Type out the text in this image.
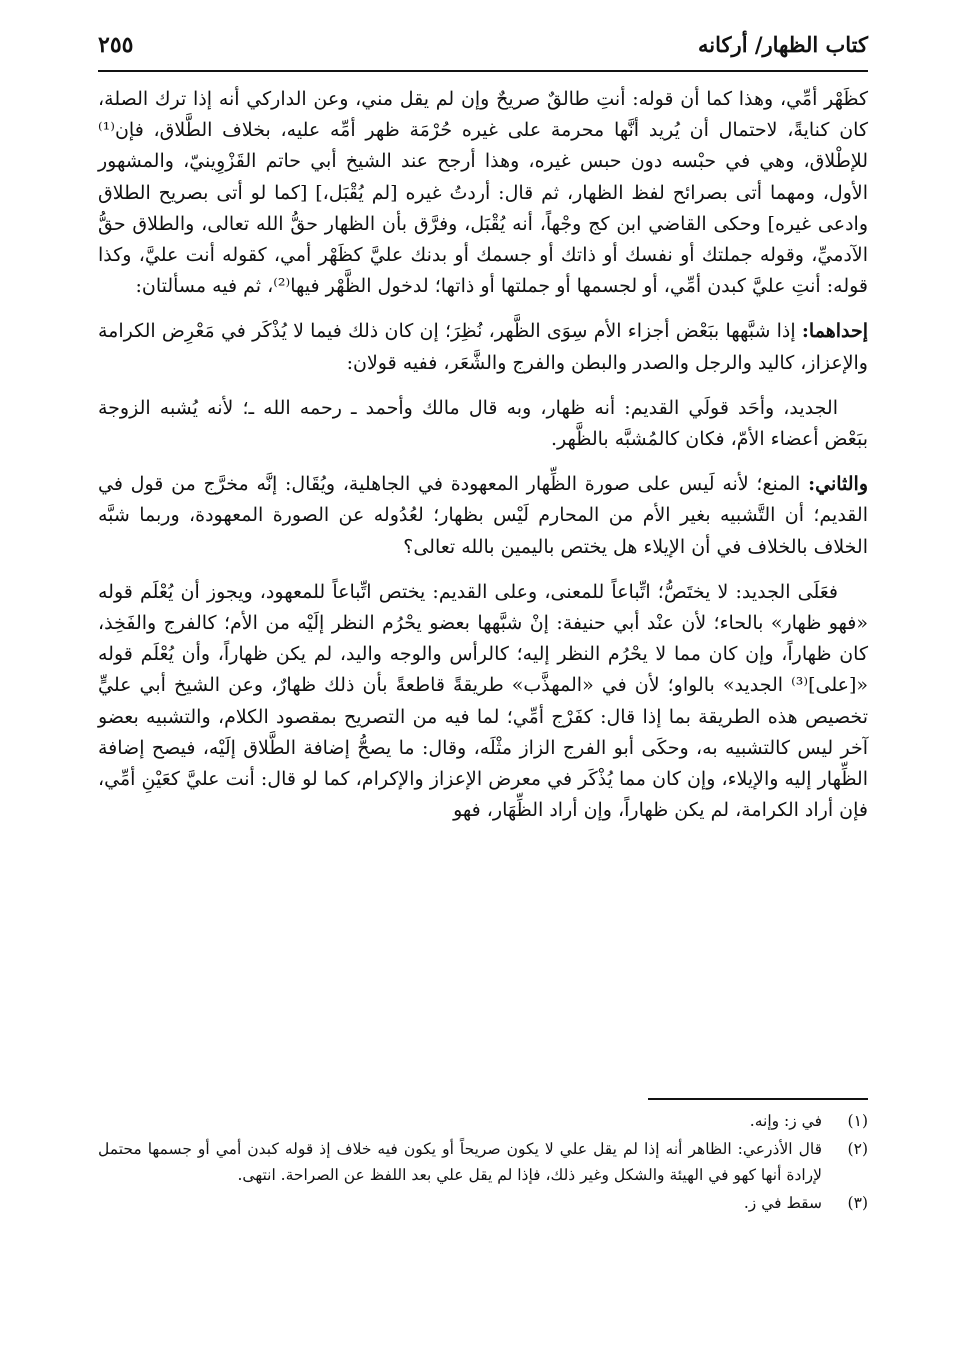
كتاب الظهار/ أركانه
٢٥٥

كظَهْر أمِّي، وهذا كما أن قوله: أنتِ طالقٌ صريحٌ وإن لم يقل مني، وعن الداركي أنه إذا ترك الصلة، كان كنايةً، لاحتمال أن يُريد أنَّها محرمة على غيره حُرْمَة ظهر أمِّه عليه، بخلاف الطَّلاق، فإن⁽¹⁾ للإطْلاق، وهي في حبْسه دون حبس غيره، وهذا أرجح عند الشيخ أبي حاتم القَزْوِينيّ، والمشهور الأول، ومهما أتى بصرائح لفظ الظهار، ثم قال: أردتُ غيره [لم يُقْبَل،] [كما لو أتى بصريح الطلاق وادعى غيره] وحكى القاضي ابن كج وجْهاً، أنه يُقْبَل، وفرَّق بأن الظهار حقُّ الله تعالى، والطلاق حقُّ الآدميِّ، وقوله جملتك أو نفسك أو ذاتك أو جسمك أو بدنك عليَّ كظَهْر أمي، كقوله أنت عليَّ، وكذا قوله: أنتِ عليَّ كبدن أمِّي، أو لجسمها أو جملتها أو ذاتها؛ لدخول الظَّهْر فيها⁽²⁾، ثم فيه مسألتان:

إحداهما: إذا شبَّهها ببَعْض أجزاء الأم سِوَى الظَّهر، نُظِرَ؛ إن كان ذلك فيما لا يُذْكَر في مَعْرِض الكرامة والإعزاز، كاليد والرجل والصدر والبطن والفرج والشَّعَر، ففيه قولان:

الجديد، وأحَد قولَي القديم: أنه ظهار، وبه قال مالك وأحمد ـ رحمه الله ـ؛ لأنه يُشبه الزوجة ببَعْض أعضاء الأمّ، فكان كالمُشبَّه بالظَّهر.

والثاني: المنع؛ لأنه لَيس على صورة الظِّهار المعهودة في الجاهلية، ويُقَال: إنَّه مخرَّج من قول في القديم؛ أن التَّشبيه بغير الأم من المحارم لَيْس بظهار؛ لعُدُوله عن الصورة المعهودة، وربما شبَّه الخلاف بالخلاف في أن الإيلاء هل يختص باليمين بالله تعالى؟

فعَلَى الجديد: لا يختَصُّ؛ اتِّباعاً للمعنى، وعلى القديم: يختص اتِّباعاً للمعهود، ويجوز أن يُعْلَم قوله «فهو ظهار» بالحاء؛ لأن عنْد أبي حنيفة: إنْ شبَّهها بعضو يحْرُم النظر إلَيْه من الأم؛ كالفرج والفَخِذ، كان ظهاراً، وإن كان مما لا يحْرُم النظر إليه؛ كالرأس والوجه واليد، لم يكن ظهاراً، وأن يُعْلَم قوله «[على]⁽³⁾ الجديد» بالواو؛ لأن في «المهذَّب» طريقةً قاطعةً بأن ذلك ظهارٌ، وعن الشيخ أبي عليٍّ تخصيص هذه الطريقة بما إذا قال: كفَرْج أمِّي؛ لما فيه من التصريح بمقصود الكلام، والتشبيه بعضو آخر ليس كالتشبيه به، وحكَى أبو الفرج الزاز مثْلَه، وقال: ما يصحُّ إضافة الطَّلاق إلَيْه، فيصح إضافة الظِّهار إليه والإيلاء، وإن كان مما يُذْكَر في معرض الإعزاز والإكرام، كما لو قال: أنت عليَّ كعَيْنِ أمِّي، فإن أراد الكرامة، لم يكن ظهاراً، وإن أراد الظِّهَار، فهو

(١)
في ز: وإنه.
(٢)
قال الأذرعي: الظاهر أنه إذا لم يقل علي لا يكون صريحاً أو يكون فيه خلاف إذ قوله كبدن أمي أو جسمها محتمل لإرادة أنها كهو في الهيئة والشكل وغير ذلك، فإذا لم يقل علي بعد اللفظ عن الصراحة. انتهى.
(٣)
سقط في ز.
